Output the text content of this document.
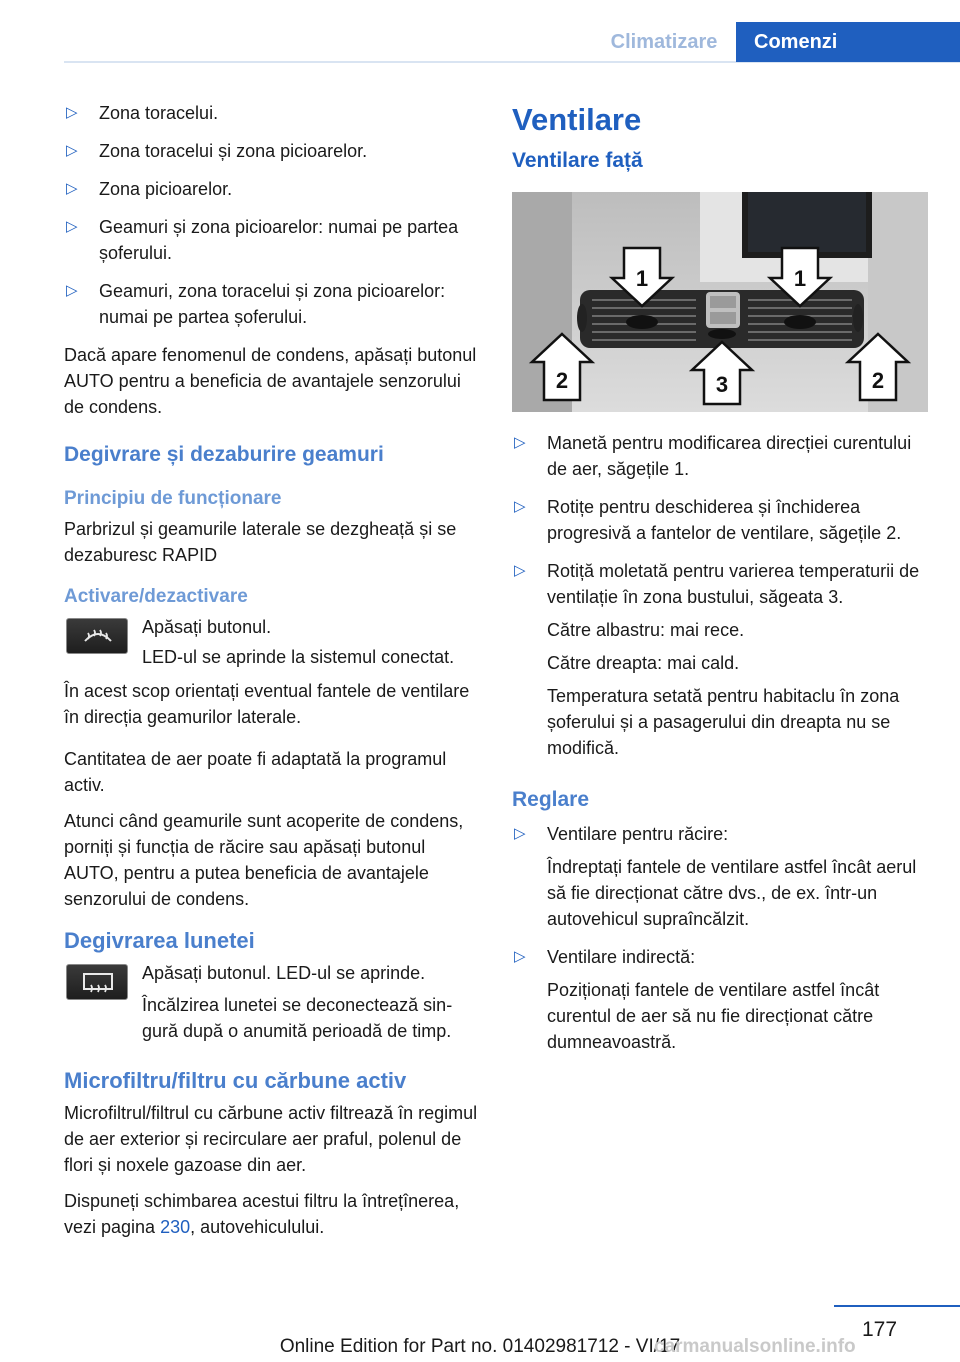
Climatizare	Comenzi
▷ Zona toracelui.

▷ Zona toracelui și zona picioarelor.

▷ Zona picioarelor.

▷ Geamuri și zona picioarelor: numai pe partea șoferului.

▷ Geamuri, zona toracelui și zona picioarelor: numai pe partea șoferului.

Dacă apare fenomenul de condens, apăsați butonul AUTO pentru a beneficia de avantajele senzorului de condens.

Degivrare și dezaburire geamuri
Principiu de funcționare

Parbrizul și geamurile laterale se dezgheață și se dezaburesc RAPID

Activare/dezactivare

Apăsați butonul.

LED-ul se aprinde la sistemul conectat.

În acest scop orientați eventual fantele de ventilare în direcția geamurilor laterale.

Cantitatea de aer poate fi adaptată la programul activ.

Atunci când geamurile sunt acoperite de condens, porniți și funcția de răcire sau apăsați butonul AUTO, pentru a putea beneficia de avantajele senzorului de condens.

Degivrarea lunetei

Apăsați butonul. LED-ul se aprinde.

Încălzirea lunetei se deconectează singură după o anumită perioadă de timp.

Microfiltru/filtru cu cărbune activ

Microfiltrul/filtrul cu cărbune activ filtrează în regimul de aer exterior și recirculare aer praful, polenul de flori și noxele gazoase din aer.

Dispuneți schimbarea acestui filtru la întrețînerea, vezi pagina 230, autovehiculului.

Ventilare
Ventilare față
1	1
2	3	2
▷ Manetă pentru modificarea direcției curentului de aer, săgețile 1.

▷ Rotițe pentru deschiderea și închiderea progresivă a fantelor de ventilare, săgețile 2.

▷ Rotiță moletată pentru varierea temperaturii de ventilație în zona bustului, săgeata 3.

Către albastru: mai rece.

Către dreapta: mai cald.

Temperatura setată pentru habitaclu în zona șoferului și a pasagerului din dreapta nu se modifică.

Reglare
▷ Ventilare pentru răcire:

Îndreptați fantele de ventilare astfel încât aerul să fie direcționat către dvs., de ex. într-un autovehicul supraîncălzit.

▷ Ventilare indirectă:

Poziționați fantele de ventilare astfel încât curentul de aer să nu fie direcționat către dumneavoastră.

177
Online Edition for Part no. 01402981712 - VI/17
carmanualsonline.info
